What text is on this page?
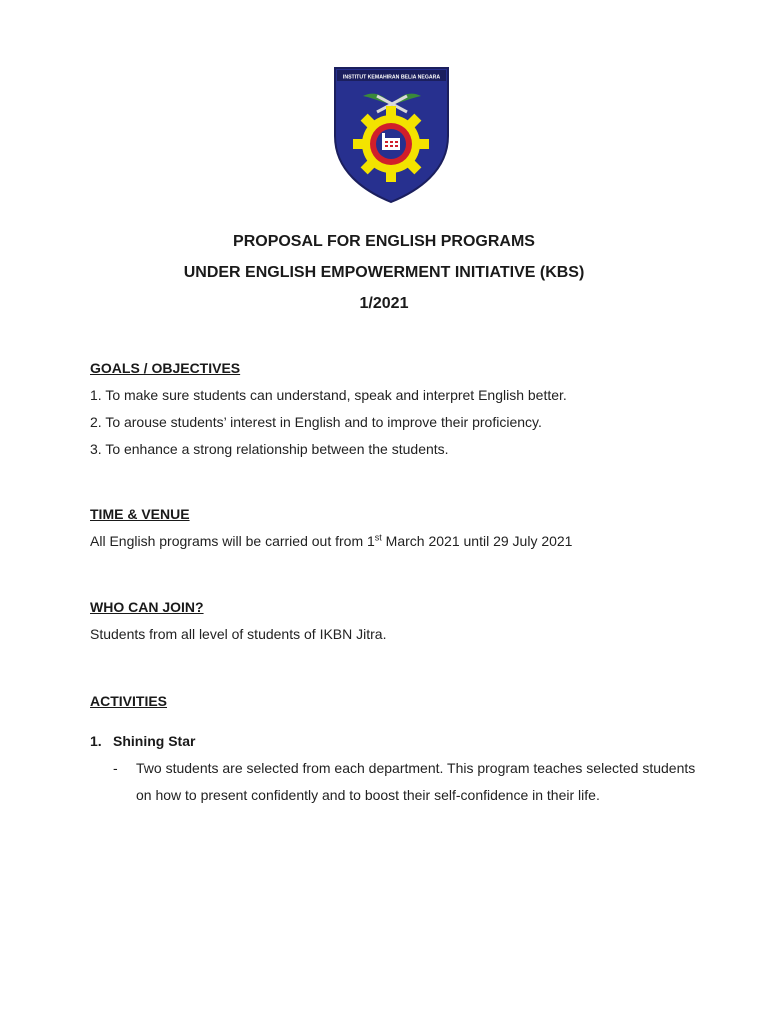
INSTITUT KEMAHIRAN BELIA NEGARA

PROPOSAL FOR ENGLISH PROGRAMS

UNDER ENGLISH EMPOWERMENT INITIATIVE (KBS)

1/2021

GOALS / OBJECTIVES

1. To make sure students can understand, speak and interpret English better.

2. To arouse students’ interest in English and to improve their proficiency.

3. To enhance a strong relationship between the students.

TIME & VENUE

All English programs will be carried out from 1st March 2021 until 29 July 2021

WHO CAN JOIN?

Students from all level of students of IKBN Jitra.

ACTIVITIES

1. Shining Star

- Two students are selected from each department. This program teaches selected students on how to present confidently and to boost their self-confidence in their life.
